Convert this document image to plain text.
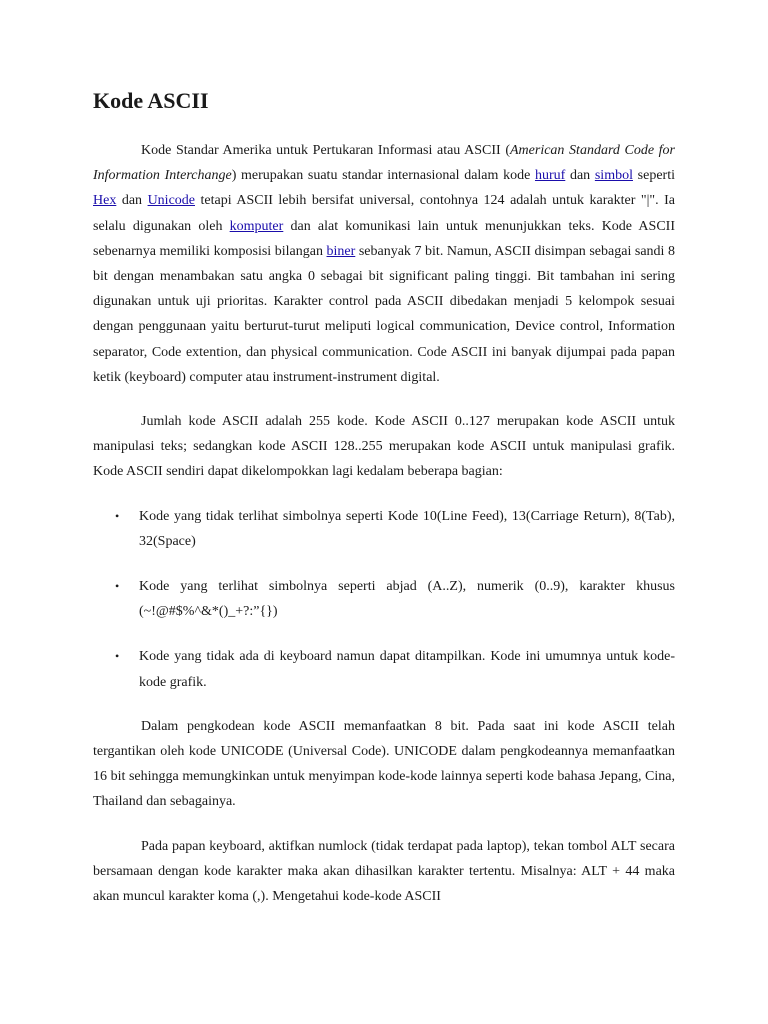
Kode ASCII

Kode Standar Amerika untuk Pertukaran Informasi atau ASCII (American Standard Code for Information Interchange) merupakan suatu standar internasional dalam kode huruf dan simbol seperti Hex dan Unicode tetapi ASCII lebih bersifat universal, contohnya 124 adalah untuk karakter "|". Ia selalu digunakan oleh komputer dan alat komunikasi lain untuk menunjukkan teks. Kode ASCII sebenarnya memiliki komposisi bilangan biner sebanyak 7 bit. Namun, ASCII disimpan sebagai sandi 8 bit dengan menambakan satu angka 0 sebagai bit significant paling tinggi. Bit tambahan ini sering digunakan untuk uji prioritas. Karakter control pada ASCII dibedakan menjadi 5 kelompok sesuai dengan penggunaan yaitu berturut-turut meliputi logical communication, Device control, Information separator, Code extention, dan physical communication. Code ASCII ini banyak dijumpai pada papan ketik (keyboard) computer atau instrument-instrument digital.

Jumlah kode ASCII adalah 255 kode. Kode ASCII 0..127 merupakan kode ASCII untuk manipulasi teks; sedangkan kode ASCII 128..255 merupakan kode ASCII untuk manipulasi grafik. Kode ASCII sendiri dapat dikelompokkan lagi kedalam beberapa bagian:

• Kode yang tidak terlihat simbolnya seperti Kode 10(Line Feed), 13(Carriage Return), 8(Tab), 32(Space)
• Kode yang terlihat simbolnya seperti abjad (A..Z), numerik (0..9), karakter khusus (~!@#$%^&*()_+?:”{})
• Kode yang tidak ada di keyboard namun dapat ditampilkan. Kode ini umumnya untuk kode-kode grafik.

Dalam pengkodean kode ASCII memanfaatkan 8 bit. Pada saat ini kode ASCII telah tergantikan oleh kode UNICODE (Universal Code). UNICODE dalam pengkodeannya memanfaatkan 16 bit sehingga memungkinkan untuk menyimpan kode-kode lainnya seperti kode bahasa Jepang, Cina, Thailand dan sebagainya.

Pada papan keyboard, aktifkan numlock (tidak terdapat pada laptop), tekan tombol ALT secara bersamaan dengan kode karakter maka akan dihasilkan karakter tertentu. Misalnya: ALT + 44 maka akan muncul karakter koma (,). Mengetahui kode-kode ASCII
